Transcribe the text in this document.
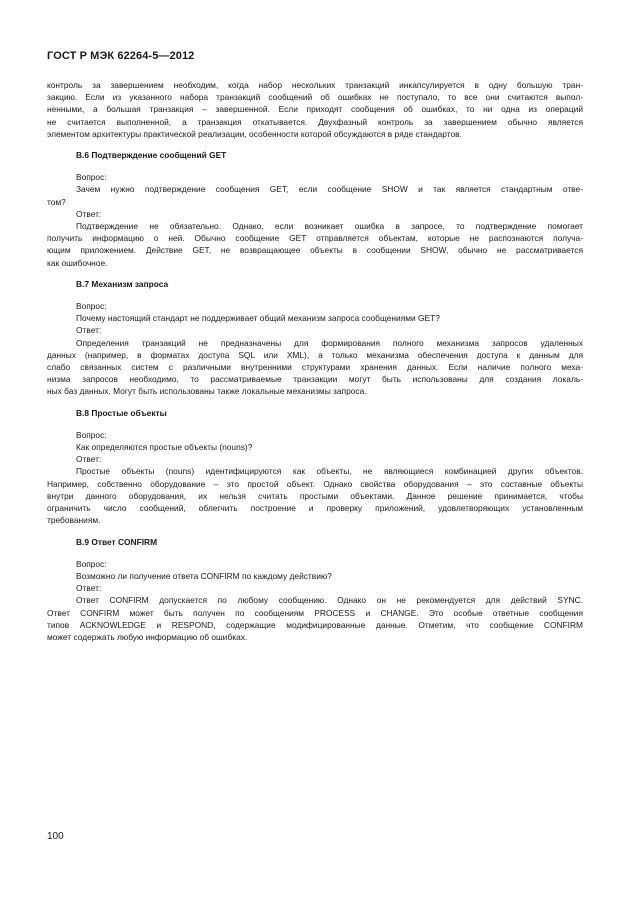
ГОСТ Р МЭК 62264-5—2012

контроль за завершением необходим, когда набор нескольких транзакций инкапсулируется в одну большую тран-

закцию. Если из указанного набора транзакций сообщений об ошибках не поступало, то все они считаются выпол-

ненными, а большая транзакция – завершенной. Если приходят сообщения об ошибках, то ни одна из операций

не считается выполненной, а транзакция откатывается. Двухфазный контроль за завершением обычно является

элементом архитектуры практической реализации, особенности которой обсуждаются в ряде стандартов.

В.6 Подтверждение сообщений GET

Вопрос:

Зачем нужно подтверждение сообщения GET, если сообщение SHOW и так является стандартным отве-

том?

Ответ:

Подтверждение не обязательно. Однако, если возникает ошибка в запросе, то подтверждение помогает

получить информацию о ней. Обычно сообщение GET отправляется объектам, которые не распознаются получа-

ющим приложением. Действие GET, не возвращающее объекты в сообщении SHOW, обычно не рассматривается

как ошибочное.

В.7 Механизм запроса

Вопрос:

Почему настоящий стандарт не поддерживает общий механизм запроса сообщениями GET?

Ответ:

Определения транзакций не предназначены для формирования полного механизма запросов удаленных

данных (например, в форматах доступа SQL или XML), а только механизма обеспечения доступа к данным для

слабо связанных систем с различными внутренними структурами хранения данных. Если наличие полного меха-

низма запросов необходимо, то рассматриваемые транзакции могут быть использованы для создания локаль-

ных баз данных. Могут быть использованы также локальные механизмы запроса.

В.8 Простые объекты

Вопрос:

Как определяются простые объекты (nouns)?

Ответ:

Простые объекты (nouns) идентифицируются как объекты, не являющиеся комбинацией других объектов.

Например, собственно оборудование – это простой объект. Однако свойства оборудования – это составные объекты

внутри данного оборудования, их нельзя считать простыми объектами. Данное решение принимается, чтобы

ограничить число сообщений, облегчить построение и проверку приложений, удовлетворяющих установленным

требованиям.

В.9 Ответ CONFIRM

Вопрос:

Возможно ли получение ответа CONFIRM по каждому действию?

Ответ:

Ответ CONFIRM допускается по любому сообщению. Однако он не рекомендуется для действий SYNC.

Ответ CONFIRM может быть получен по сообщениям PROCESS и CHANGE. Это особые ответные сообщения

типов ACKNOWLEDGE и RESPOND, содержащие модифицированные данные. Отметим, что сообщение CONFIRM

может содержать любую информацию об ошибках.

100
